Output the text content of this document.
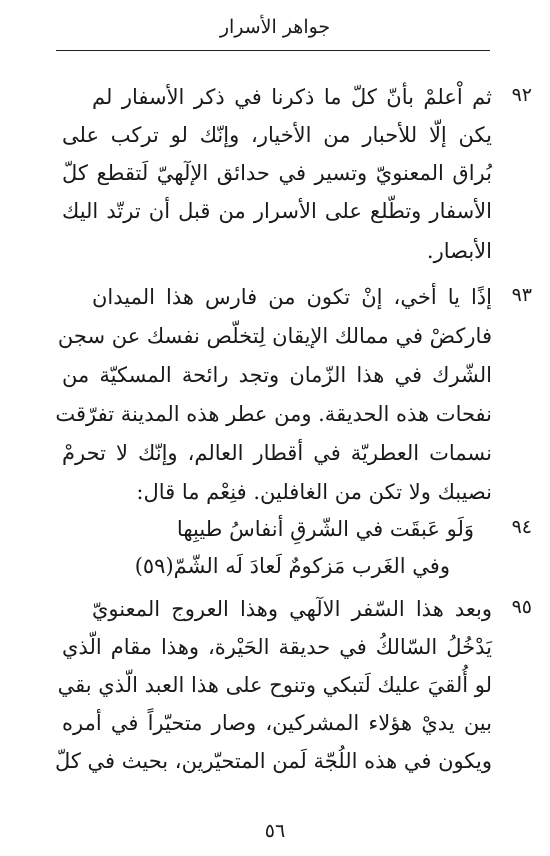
جواهر الأسرار
٩٢
ثم اْعلمْ بأنّ كلّ ما ذكرنا في ذكر الأسفار لم
يكن إلّا للأحبار من الأخيار، وإنّك لو تركب على
بُراق المعنويّ وتسير في حدائق الإلٓهيّ لَتقطع كلّ
الأسفار وتطّلع على الأسرار من قبل أن ترتّد اليك
الأبصار.
٩٣
إذًا يا أخي، إنْ تكون من فارس هذا الميدان
فاركضْ في ممالك الإيقان لِتخلّص نفسك عن سجن
الشّرك في هذا الزّمان وتجد رائحة المسكيّة من
نفحات هذه الحديقة. ومن عطر هذه المدينة تفرّقت
نسمات العطريّة في أقطار العالم، وإنّك لا تحرمْ
نصيبك ولا تكن من الغافلين. فنِعْم ما قال:
٩٤
وَلَو عَبقَت في الشّرقِ أنفاسُ طيبِها
وفي الغَرب مَزكومٌ لَعادَ لَه الشّمّ(٥٩)
٩٥
وبعد هذا السّفر الالٓهي وهذا العروج المعنويّ
يَدْخُلُ السّالكُ في حديقة الحَيْرة، وهذا مقام الّذي
لو أُلقيَ عليك لَتبكي وتنوح على هذا العبد الّذي بقي
بين يديْ هؤلاء المشركين، وصار متحيّراً في أمره
ويكون في هذه اللُجّة لَمن المتحيّرين، بحيث في كلّ
٥٦
